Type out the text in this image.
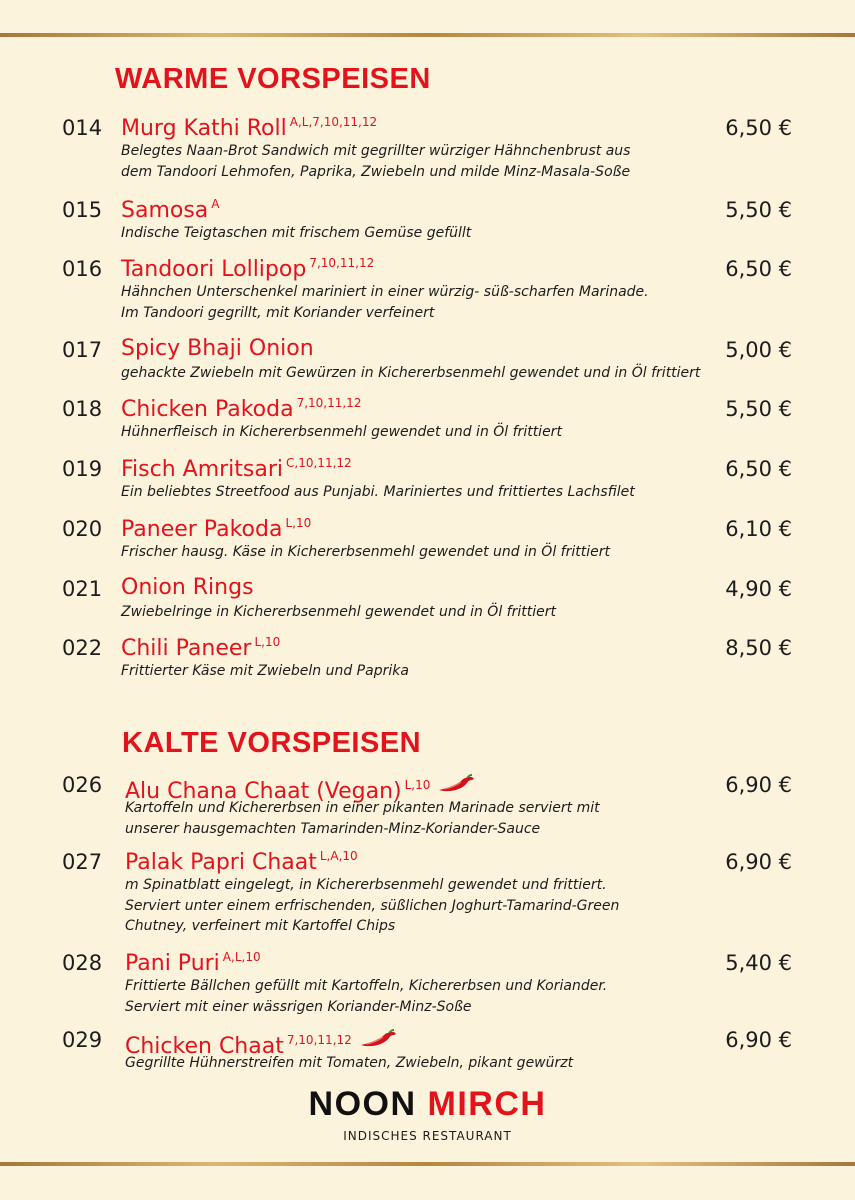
WARME VORSPEISEN
014 Murg Kathi Roll $^{A,L,7,10,11,12}$	6,50 €
Belegtes Naan-Brot Sandwich mit gegrillter würziger Hähnchenbrust aus
dem Tandoori Lehmofen, Paprika, Zwiebeln und milde Minz-Masala-Soße
015 Samosa $^A$	5,50 €
Indische Teigtaschen mit frischem Gemüse gefüllt
016 Tandoori Lollipop $^{7,10,11,12}$	6,50 €
Hähnchen Unterschenkel mariniert in einer würzig- süß-scharfen Marinade.
Im Tandoori gegrillt, mit Koriander verfeinert
017 Spicy Bhaji Onion	5,00 €
gehackte Zwiebeln mit Gewürzen in Kichererbsenmehl gewendet und in Öl frittiert
018 Chicken Pakoda $^{7,10,11,12}$	5,50 €
Hühnerfleisch in Kichererbsenmehl gewendet und in Öl frittiert
019 Fisch Amritsari $^{C,10,11,12}$	6,50 €
Ein beliebtes Streetfood aus Punjabi. Mariniertes und frittiertes Lachsfilet
020 Paneer Pakoda $^{L,10}$	6,10 €
Frischer hausg. Käse in Kichererbsenmehl gewendet und in Öl frittiert
021 Onion Rings	4,90 €
Zwiebelringe in Kichererbsenmehl gewendet und in Öl frittiert
022 Chili Paneer $^{L,10}$	8,50 €
Frittierter Käse mit Zwiebeln und Paprika
KALTE VORSPEISEN
026 Alu Chana Chaat (Vegan) $^{L,10}$	6,90 €
Kartoffeln und Kichererbsen in einer pikanten Marinade serviert mit
unserer hausgemachten Tamarinden-Minz-Koriander-Sauce
027 Palak Papri Chaat $^{L,A,10}$	6,90 €
m Spinatblatt eingelegt, in Kichererbsenmehl gewendet und frittiert.
Serviert unter einem erfrischenden, süßlichen Joghurt-Tamarind-Green
Chutney, verfeinert mit Kartoffel Chips
028 Pani Puri $^{A,L,10}$	5,40 €
Frittierte Bällchen gefüllt mit Kartoffeln, Kichererbsen und Koriander.
Serviert mit einer wässrigen Koriander-Minz-Soße
029 Chicken Chaat $^{7,10,11,12}$	6,90 €
Gegrillte Hühnerstreifen mit Tomaten, Zwiebeln, pikant gewürzt
NOON MIRCH
INDISCHES RESTAURANT
